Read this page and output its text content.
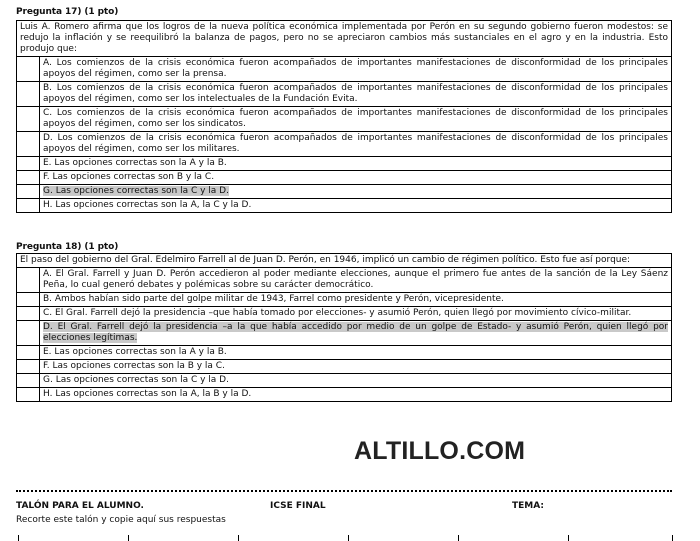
Pregunta 17) (1 pto)
Luis A. Romero afirma que los logros de la nueva política económica implementada por Perón en su segundo gobierno fueron modestos: se redujo la inflación y se reequilibró la balanza de pagos, pero no se apreciaron cambios más sustanciales en el agro y en la industria. Esto produjo que:	
	A. Los comienzos de la crisis económica fueron acompañados de importantes manifestaciones de disconformidad de los principales apoyos del régimen, como ser la prensa.
	B. Los comienzos de la crisis económica fueron acompañados de importantes manifestaciones de disconformidad de los principales apoyos del régimen, como ser los intelectuales de la Fundación Evita.
	C. Los comienzos de la crisis económica fueron acompañados de importantes manifestaciones de disconformidad de los principales apoyos del régimen, como ser los sindicatos.
	D. Los comienzos de la crisis económica fueron acompañados de importantes manifestaciones de disconformidad de los principales apoyos del régimen, como ser los militares.
	E. Las opciones correctas son la A y la B.
	F. Las opciones correctas son B y la C.
	G. Las opciones correctas son la C y la D.
	H. Las opciones correctas son la A, la C y la D.
Pregunta 18) (1 pto)
El paso del gobierno del Gral. Edelmiro Farrell al de Juan D. Perón, en 1946, implicó un cambio de régimen político. Esto fue así porque:	
	A. El Gral. Farrell y Juan D. Perón accedieron al poder mediante elecciones, aunque el primero fue antes de la sanción de la Ley Sáenz Peña, lo cual generó debates y polémicas sobre su carácter democrático.
	B. Ambos habían sido parte del golpe militar de 1943, Farrel como presidente y Perón, vicepresidente.
	C. El Gral. Farrell dejó la presidencia –que había tomado por elecciones- y asumió Perón, quien llegó por movimiento cívico-militar.
	D. El Gral. Farrell dejó la presidencia –a la que había accedido por medio de un golpe de Estado- y asumió Perón, quien llegó por elecciones legítimas.
	E. Las opciones correctas son la A y la B.
	F. Las opciones correctas son la B y la C.
	G. Las opciones correctas son la C y la D.
	H. Las opciones correctas son la A, la B y la D.
ALTILLO.COM
TALÓN PARA EL ALUMNO.	ICSE FINAL	TEMA:
Recorte este talón y copie aquí sus respuestas
